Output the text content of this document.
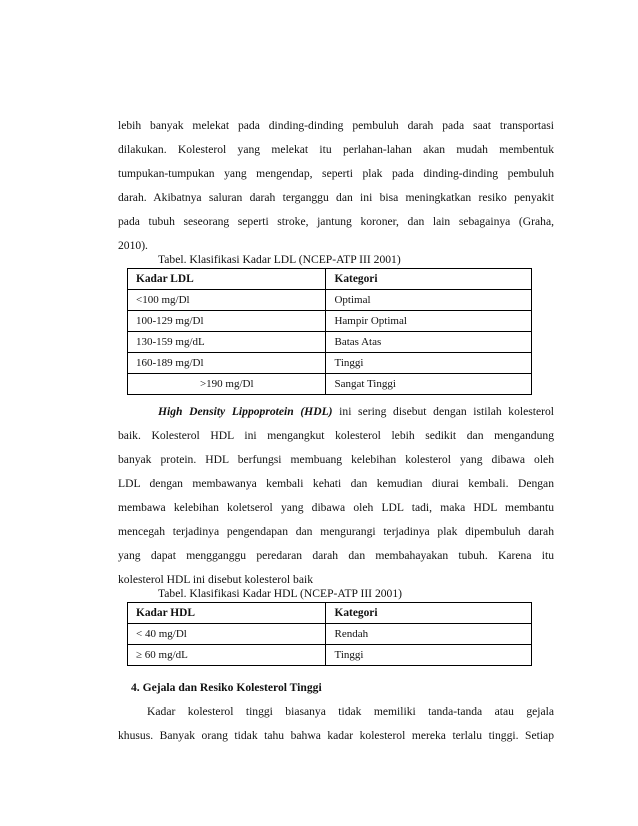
lebih banyak melekat pada dinding-dinding pembuluh darah pada saat transportasi
dilakukan. Kolesterol yang melekat itu perlahan-lahan akan mudah membentuk
tumpukan-tumpukan yang mengendap, seperti plak pada dinding-dinding pembuluh
darah. Akibatnya saluran darah terganggu dan ini bisa meningkatkan resiko penyakit
pada tubuh seseorang seperti stroke, jantung koroner, dan lain sebagainya (Graha,
2010).
Tabel. Klasifikasi Kadar LDL (NCEP-ATP III 2001)
Kadar LDL	Kategori
<100 mg/Dl	Optimal
100-129 mg/Dl	Hampir Optimal
130-159 mg/dL	Batas Atas
160-189 mg/Dl	Tinggi
>190 mg/Dl	Sangat Tinggi
High Density Lippoprotein (HDL) ini sering disebut dengan istilah kolesterol
baik. Kolesterol HDL ini mengangkut kolesterol lebih sedikit dan mengandung
banyak protein. HDL berfungsi membuang kelebihan kolesterol yang dibawa oleh
LDL dengan membawanya kembali kehati dan kemudian diurai kembali. Dengan
membawa kelebihan koletserol yang dibawa oleh LDL tadi, maka HDL membantu
mencegah terjadinya pengendapan dan mengurangi terjadinya plak dipembuluh darah
yang dapat mengganggu peredaran darah dan membahayakan tubuh. Karena itu
kolesterol HDL ini disebut kolesterol baik
Tabel. Klasifikasi Kadar HDL (NCEP-ATP III 2001)
Kadar HDL	Kategori
< 40 mg/Dl	Rendah
≥ 60 mg/dL	Tinggi
4. Gejala dan Resiko Kolesterol Tinggi
Kadar kolesterol tinggi biasanya tidak memiliki tanda-tanda atau gejala
khusus. Banyak orang tidak tahu bahwa kadar kolesterol mereka terlalu tinggi. Setiap
